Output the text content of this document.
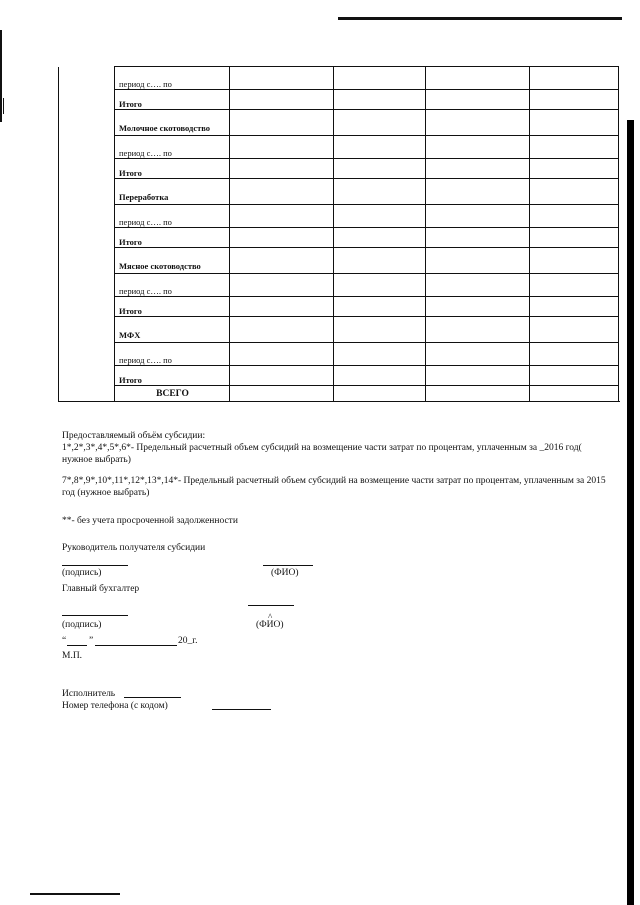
	период с…. по					
	Итого					
	Молочное скотоводство					
	период с…. по					
	Итого					
	Переработка					
	период с…. по					
	Итого					
	Мясное скотоводство					
	период с…. по					
	Итого					
	МФХ					
	период с…. по					
	Итого					
	ВСЕГО					
Предоставляемый объём субсидии:
1*,2*,3*,4*,5*,6*- Предельный расчетный объем субсидий на возмещение части затрат по процентам, уплаченным за _2016 год( нужное выбрать)
7*,8*,9*,10*,11*,12*,13*,14*- Предельный расчетный объем субсидий на возмещение части затрат по процентам, уплаченным за 2015 год (нужное выбрать)
**- без учета просроченной задолженности
Руководитель получателя субсидии
(подпись)	(ФИО)
Главный бухгалтер
(подпись)	(ФИО)
^
“ ”	20_г.
М.П.
Исполнитель
Номер телефона (с кодом)
